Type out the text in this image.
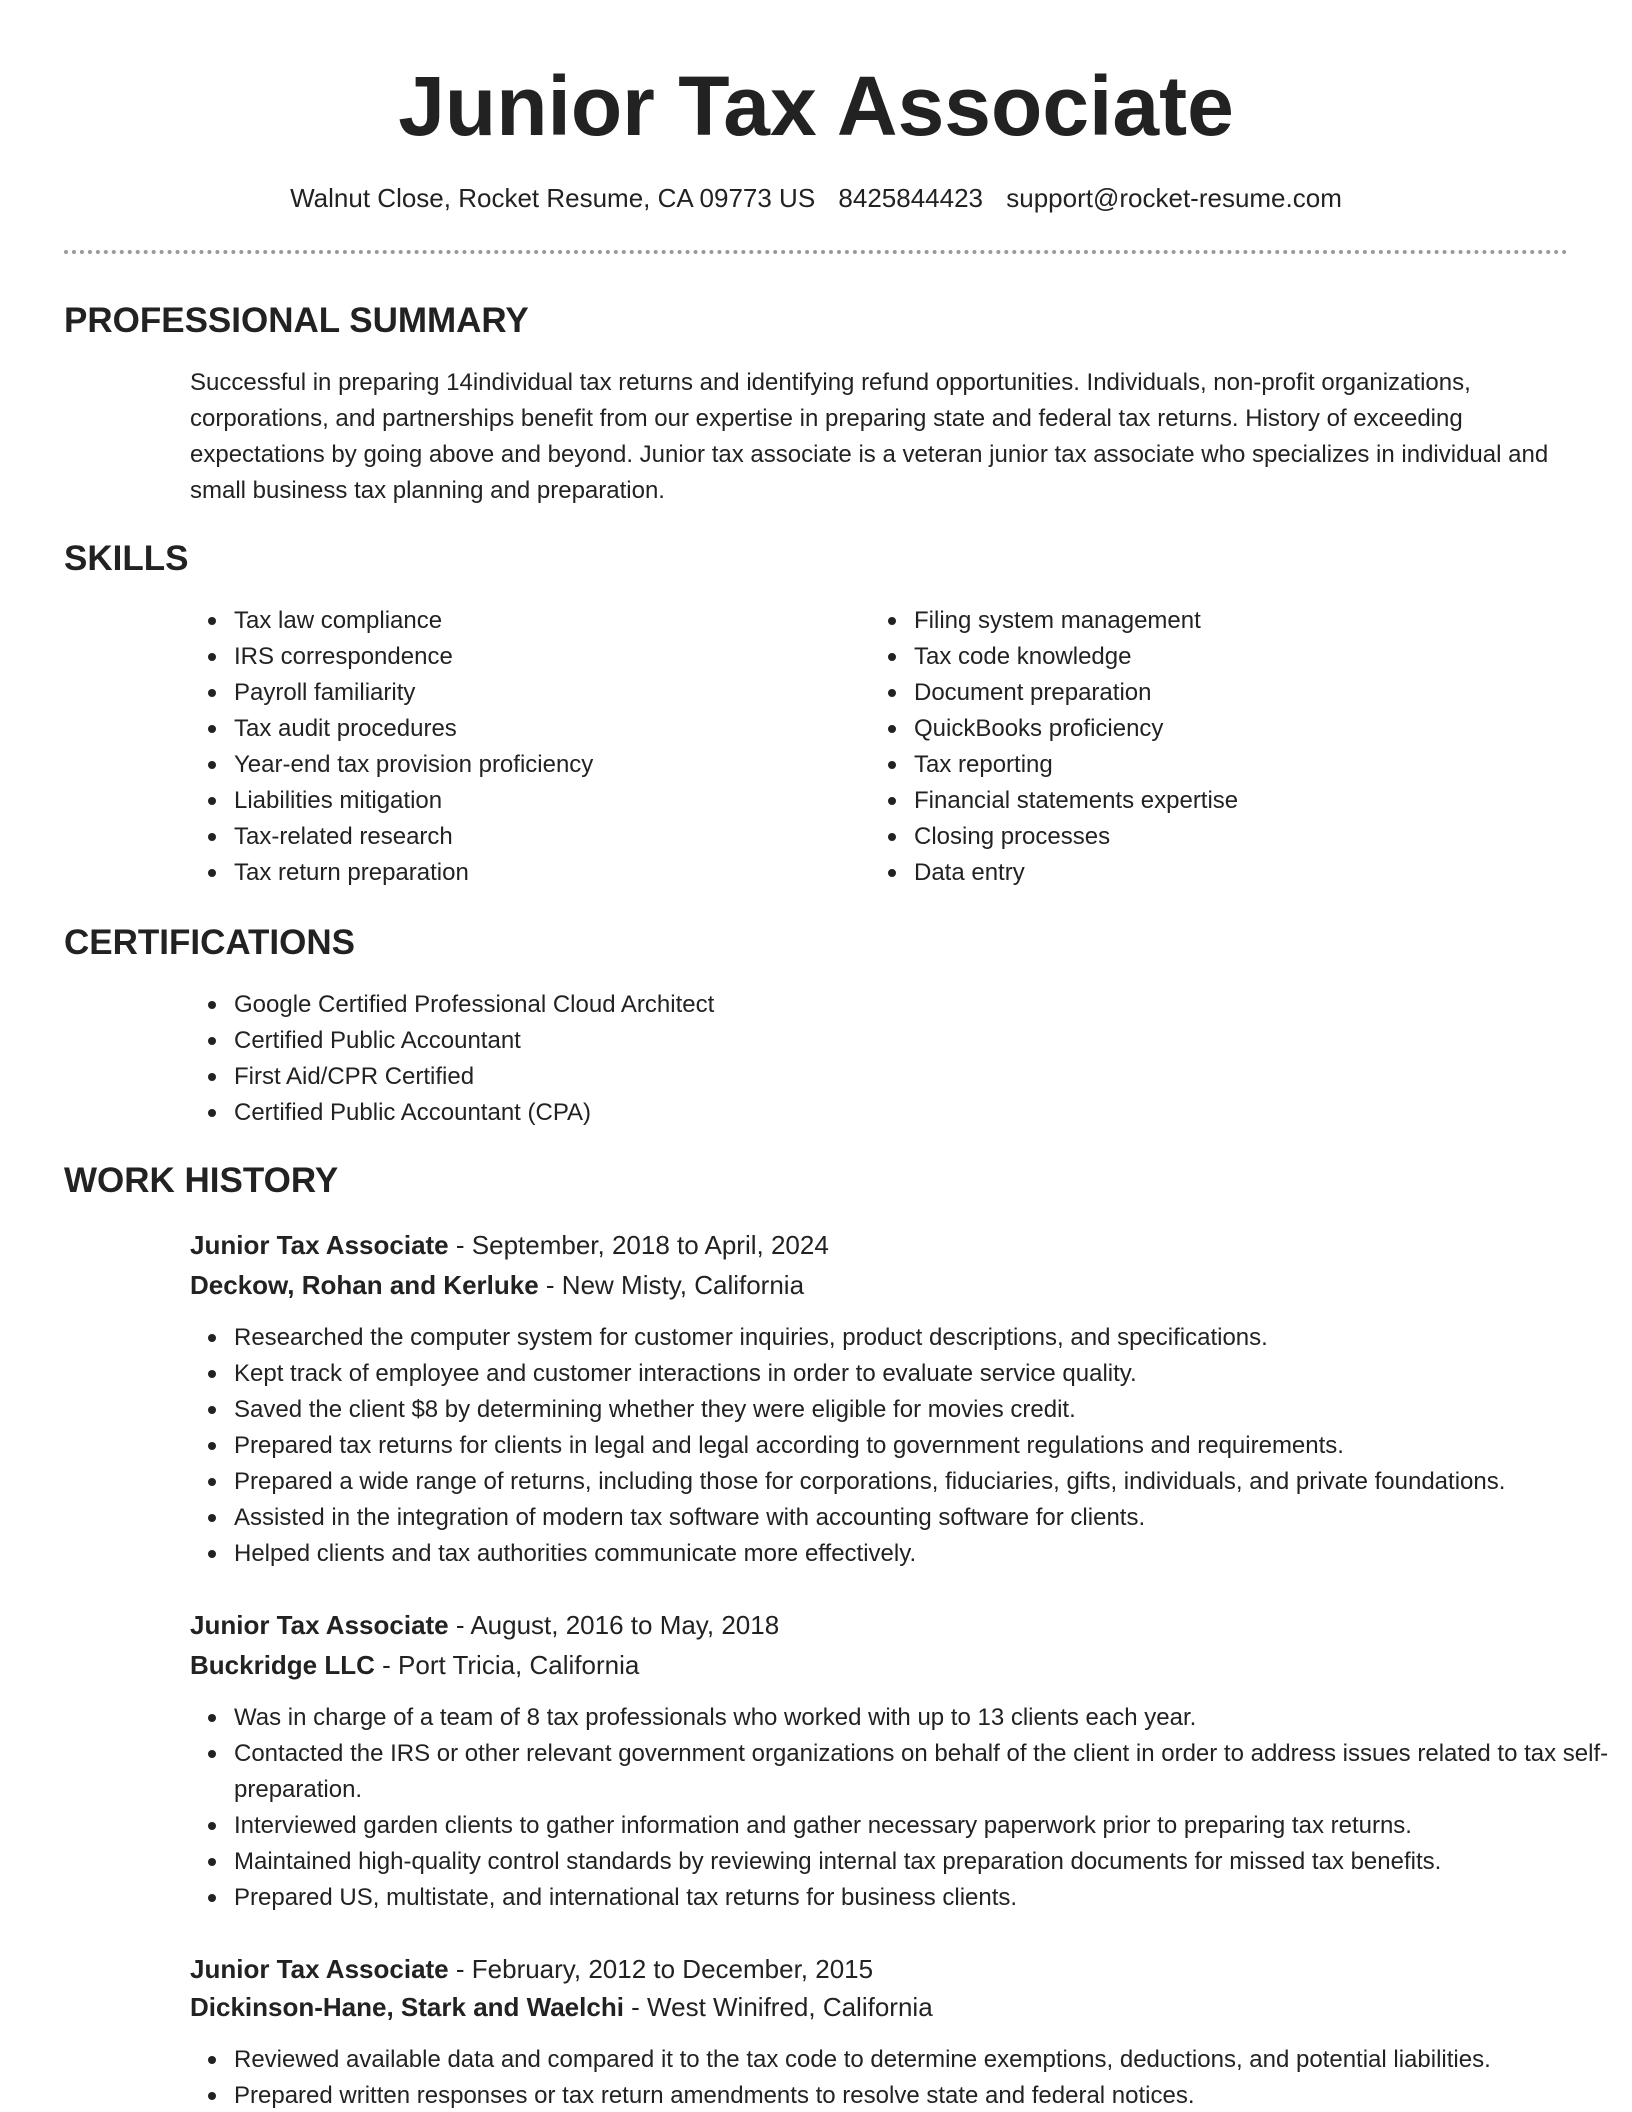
Junior Tax Associate
Walnut Close, Rocket Resume, CA 09773 US 8425844423 support@rocket-resume.com
PROFESSIONAL SUMMARY

Successful in preparing 14individual tax returns and identifying refund opportunities. Individuals, non-profit organizations, corporations, and partnerships benefit from our expertise in preparing state and federal tax returns. History of exceeding expectations by going above and beyond. Junior tax associate is a veteran junior tax associate who specializes in individual and small business tax planning and preparation.

SKILLS
Tax law compliance
IRS correspondence
Payroll familiarity
Tax audit procedures
Year-end tax provision proficiency
Liabilities mitigation
Tax-related research
Tax return preparation
Filing system management
Tax code knowledge
Document preparation
QuickBooks proficiency
Tax reporting
Financial statements expertise
Closing processes
Data entry
CERTIFICATIONS
Google Certified Professional Cloud Architect
Certified Public Accountant
First Aid/CPR Certified
Certified Public Accountant (CPA)
WORK HISTORY
Junior Tax Associate - September, 2018 to April, 2024
Deckow, Rohan and Kerluke - New Misty, California
Researched the computer system for customer inquiries, product descriptions, and specifications.
Kept track of employee and customer interactions in order to evaluate service quality.
Saved the client $8 by determining whether they were eligible for movies credit.
Prepared tax returns for clients in legal and legal according to government regulations and requirements.
Prepared a wide range of returns, including those for corporations, fiduciaries, gifts, individuals, and private foundations.
Assisted in the integration of modern tax software with accounting software for clients.
Helped clients and tax authorities communicate more effectively.
Junior Tax Associate - August, 2016 to May, 2018
Buckridge LLC - Port Tricia, California
Was in charge of a team of 8 tax professionals who worked with up to 13 clients each year.
Contacted the IRS or other relevant government organizations on behalf of the client in order to address issues related to tax self-preparation.
Interviewed garden clients to gather information and gather necessary paperwork prior to preparing tax returns.
Maintained high-quality control standards by reviewing internal tax preparation documents for missed tax benefits.
Prepared US, multistate, and international tax returns for business clients.
Junior Tax Associate - February, 2012 to December, 2015
Dickinson-Hane, Stark and Waelchi - West Winifred, California
Reviewed available data and compared it to the tax code to determine exemptions, deductions, and potential liabilities.
Prepared written responses or tax return amendments to resolve state and federal notices.
